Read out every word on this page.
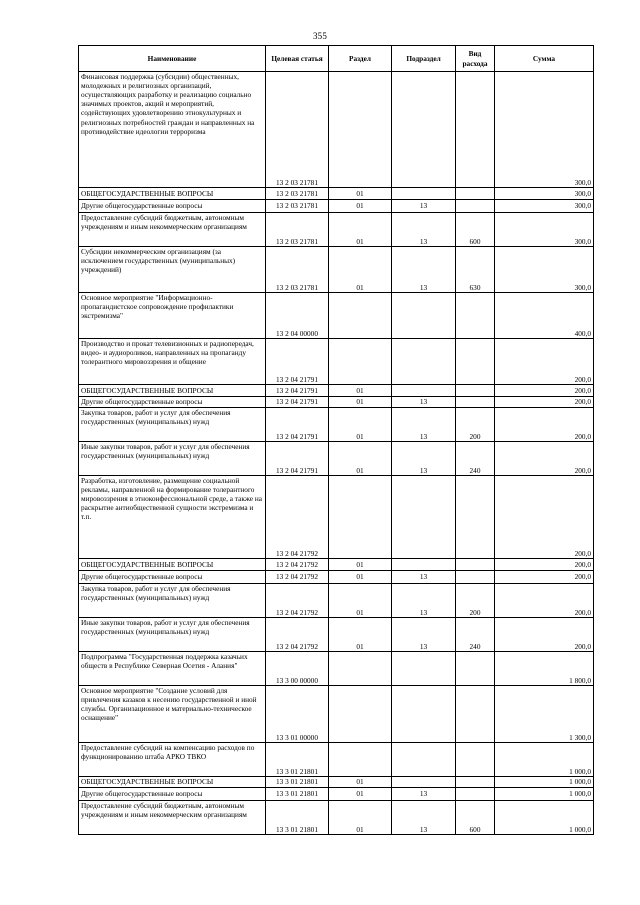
355
Наименование	Целевая статья	Раздел	Подраздел	Вид расхода	Сумма
Финансовая поддержка (субсидии) общественных, молодежных и религиозных организаций, осуществляющих разработку и реализацию социально значимых проектов, акций и мероприятий, содействующих удовлетворению этнокультурных и религиозных потребностей граждан и направленных на противодействие идеологии терроризма	13 2 03 21781				300,0
ОБЩЕГОСУДАРСТВЕННЫЕ ВОПРОСЫ	13 2 03 21781	01			300,0
Другие общегосударственные вопросы	13 2 03 21781	01	13		300,0
Предоставление субсидий бюджетным, автономным учреждениям и иным некоммерческим организациям	13 2 03 21781	01	13	600	300,0
Субсидии некоммерческим организациям (за исключением государственных (муниципальных) учреждений)	13 2 03 21781	01	13	630	300,0
Основное мероприятие "Информационно-пропагандистское сопровождение профилактики экстремизма"	13 2 04 00000				400,0
Производство и прокат телевизионных и радиопередач, видео- и аудиороликов, направленных на пропаганду толерантного мировоззрения и общение	13 2 04 21791				200,0
ОБЩЕГОСУДАРСТВЕННЫЕ ВОПРОСЫ	13 2 04 21791	01			200,0
Другие общегосударственные вопросы	13 2 04 21791	01	13		200,0
Закупка товаров, работ и услуг для обеспечения государственных (муниципальных) нужд	13 2 04 21791	01	13	200	200,0
Иные закупки товаров, работ и услуг для обеспечения государственных (муниципальных) нужд	13 2 04 21791	01	13	240	200,0
Разработка, изготовление, размещение социальной рекламы, направленной на формирование толерантного мировоззрения в этноконфессиональной среде, а также на раскрытие антиобщественной сущности экстремизма и т.п.	13 2 04 21792				200,0
ОБЩЕГОСУДАРСТВЕННЫЕ ВОПРОСЫ	13 2 04 21792	01			200,0
Другие общегосударственные вопросы	13 2 04 21792	01	13		200,0
Закупка товаров, работ и услуг для обеспечения государственных (муниципальных) нужд	13 2 04 21792	01	13	200	200,0
Иные закупки товаров, работ и услуг для обеспечения государственных (муниципальных) нужд	13 2 04 21792	01	13	240	200,0
Подпрограмма "Государственная поддержка казачьих обществ в Республике Северная Осетия - Алания"	13 3 00 00000				1 800,0
Основное мероприятие "Создание условий для привлечения казаков к несению государственной и иной службы. Организационное и материально-техническое оснащение"	13 3 01 00000				1 300,0
Предоставление субсидий на компенсацию расходов по функционированию штаба АРКО ТВКО	13 3 01 21801				1 000,0
ОБЩЕГОСУДАРСТВЕННЫЕ ВОПРОСЫ	13 3 01 21801	01			1 000,0
Другие общегосударственные вопросы	13 3 01 21801	01	13		1 000,0
Предоставление субсидий бюджетным, автономным учреждениям и иным некоммерческим организациям	13 3 01 21801	01	13	600	1 000,0
